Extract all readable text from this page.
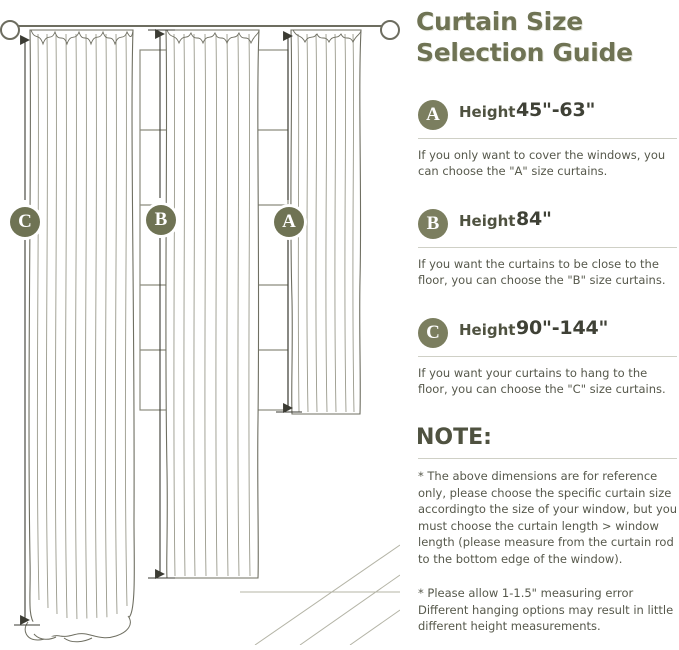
C	B	A
Curtain Size
Selection Guide
A	Height 45"-63"
If you only want to cover the windows, you can choose the "A" size curtains.
B	Height 84"
If you want the curtains to be close to the floor, you can choose the "B" size curtains.
C	Height 90"-144"
If you want your curtains to hang to the floor, you can choose the "C" size curtains.
NOTE:
* The above dimensions are for reference only, please choose the specific curtain size accordingto the size of your window, but you must choose the curtain length > window length (please measure from the curtain rod to the bottom edge of the window).
* Please allow 1-1.5" measuring error Different hanging options may result in little different height measurements.
